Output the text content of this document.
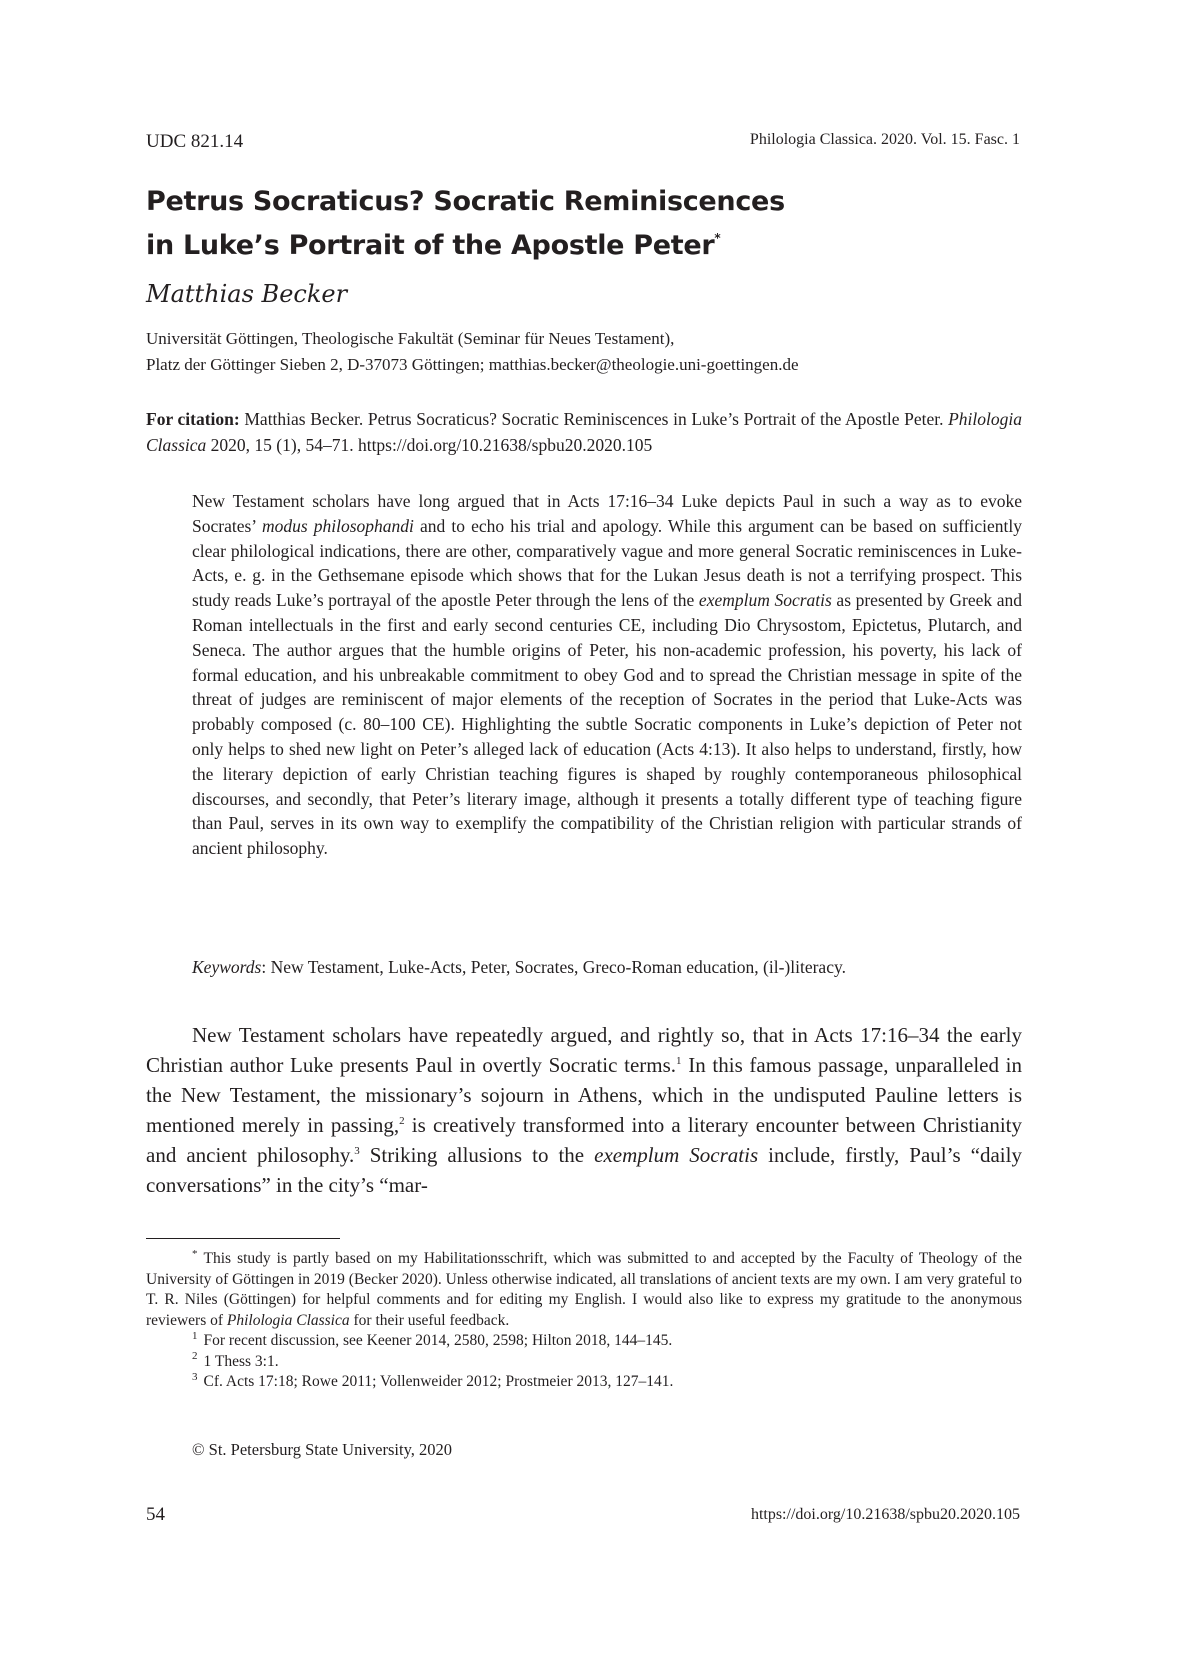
UDC 821.14	Philologia Classica. 2020. Vol. 15. Fasc. 1
Petrus Socraticus? Socratic Reminiscences
in Luke’s Portrait of the Apostle Peter*
Matthias Becker
Universität Göttingen, Theologische Fakultät (Seminar für Neues Testament),
Platz der Göttinger Sieben 2, D-37073 Göttingen; matthias.becker@theologie.uni-goettingen.de
For citation: Matthias Becker. Petrus Socraticus? Socratic Reminiscences in Luke’s Portrait of the Apostle Peter. Philologia Classica 2020, 15 (1), 54–71. https://doi.org/10.21638/spbu20.2020.105
New Testament scholars have long argued that in Acts 17:16–34 Luke depicts Paul in such a way as to evoke Socrates’ modus philosophandi and to echo his trial and apology. While this argument can be based on sufficiently clear philological indications, there are other, comparatively vague and more general Socratic reminiscences in Luke-Acts, e. g. in the Gethsemane episode which shows that for the Lukan Jesus death is not a terrifying prospect. This study reads Luke’s portrayal of the apostle Peter through the lens of the exemplum Socratis as presented by Greek and Roman intellectuals in the first and early second centuries CE, including Dio Chrysostom, Epictetus, Plutarch, and Seneca. The author argues that the humble origins of Peter, his non-academic profession, his poverty, his lack of formal education, and his unbreakable commitment to obey God and to spread the Christian message in spite of the threat of judges are reminiscent of major elements of the reception of Socrates in the period that Luke-Acts was probably composed (c. 80–100 CE). Highlighting the subtle Socratic components in Luke’s depiction of Peter not only helps to shed new light on Peter’s alleged lack of education (Acts 4:13). It also helps to understand, firstly, how the literary depiction of early Christian teaching figures is shaped by roughly contemporaneous philosophical discourses, and secondly, that Peter’s literary image, although it presents a totally different type of teaching figure than Paul, serves in its own way to exemplify the compatibility of the Christian religion with particular strands of ancient philosophy.
Keywords: New Testament, Luke-Acts, Peter, Socrates, Greco-Roman education, (il-)literacy.

New Testament scholars have repeatedly argued, and rightly so, that in Acts 17:16–34 the early Christian author Luke presents Paul in overtly Socratic terms.$^1$ In this famous passage, unparalleled in the New Testament, the missionary’s sojourn in Athens, which in the undisputed Pauline letters is mentioned merely in passing,$^2$ is creatively transformed into a literary encounter between Christianity and ancient philosophy.$^3$ Striking allusions to the exemplum Socratis include, firstly, Paul’s “daily conversations” in the city’s “mar-

* This study is partly based on my Habilitationsschrift, which was submitted to and accepted by the Faculty of Theology of the University of Göttingen in 2019 (Becker 2020). Unless otherwise indicated, all translations of ancient texts are my own. I am very grateful to T. R. Niles (Göttingen) for helpful comments and for editing my English. I would also like to express my gratitude to the anonymous reviewers of Philologia Classica for their useful feedback.

$^1$ For recent discussion, see Keener 2014, 2580, 2598; Hilton 2018, 144–145.

$^2$ 1 Thess 3:1.

$^3$ Cf. Acts 17:18; Rowe 2011; Vollenweider 2012; Prostmeier 2013, 127–141.

© St. Petersburg State University, 2020
54	https://doi.org/10.21638/spbu20.2020.105
